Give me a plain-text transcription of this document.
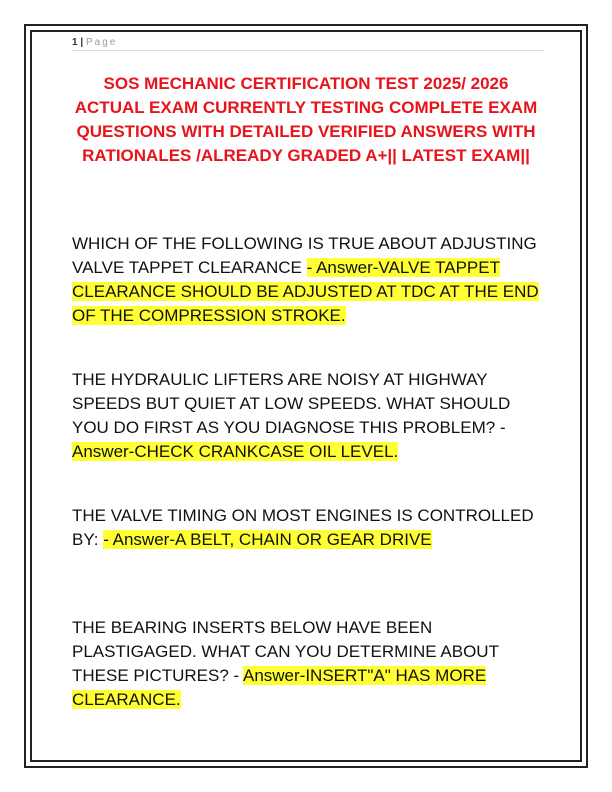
1 | Page
SOS MECHANIC CERTIFICATION TEST 2025/ 2026 ACTUAL EXAM CURRENTLY TESTING COMPLETE EXAM QUESTIONS WITH DETAILED VERIFIED ANSWERS WITH RATIONALES /ALREADY GRADED A+|| LATEST EXAM||
WHICH OF THE FOLLOWING IS TRUE ABOUT ADJUSTING VALVE TAPPET CLEARANCE - Answer-VALVE TAPPET CLEARANCE SHOULD BE ADJUSTED AT TDC AT THE END OF THE COMPRESSION STROKE.
THE HYDRAULIC LIFTERS ARE NOISY AT HIGHWAY SPEEDS BUT QUIET AT LOW SPEEDS. WHAT SHOULD YOU DO FIRST AS YOU DIAGNOSE THIS PROBLEM? - Answer-CHECK CRANKCASE OIL LEVEL.
THE VALVE TIMING ON MOST ENGINES IS CONTROLLED BY: - Answer-A BELT, CHAIN OR GEAR DRIVE
THE BEARING INSERTS BELOW HAVE BEEN PLASTIGAGED. WHAT CAN YOU DETERMINE ABOUT THESE PICTURES? - Answer-INSERT"A" HAS MORE CLEARANCE.
